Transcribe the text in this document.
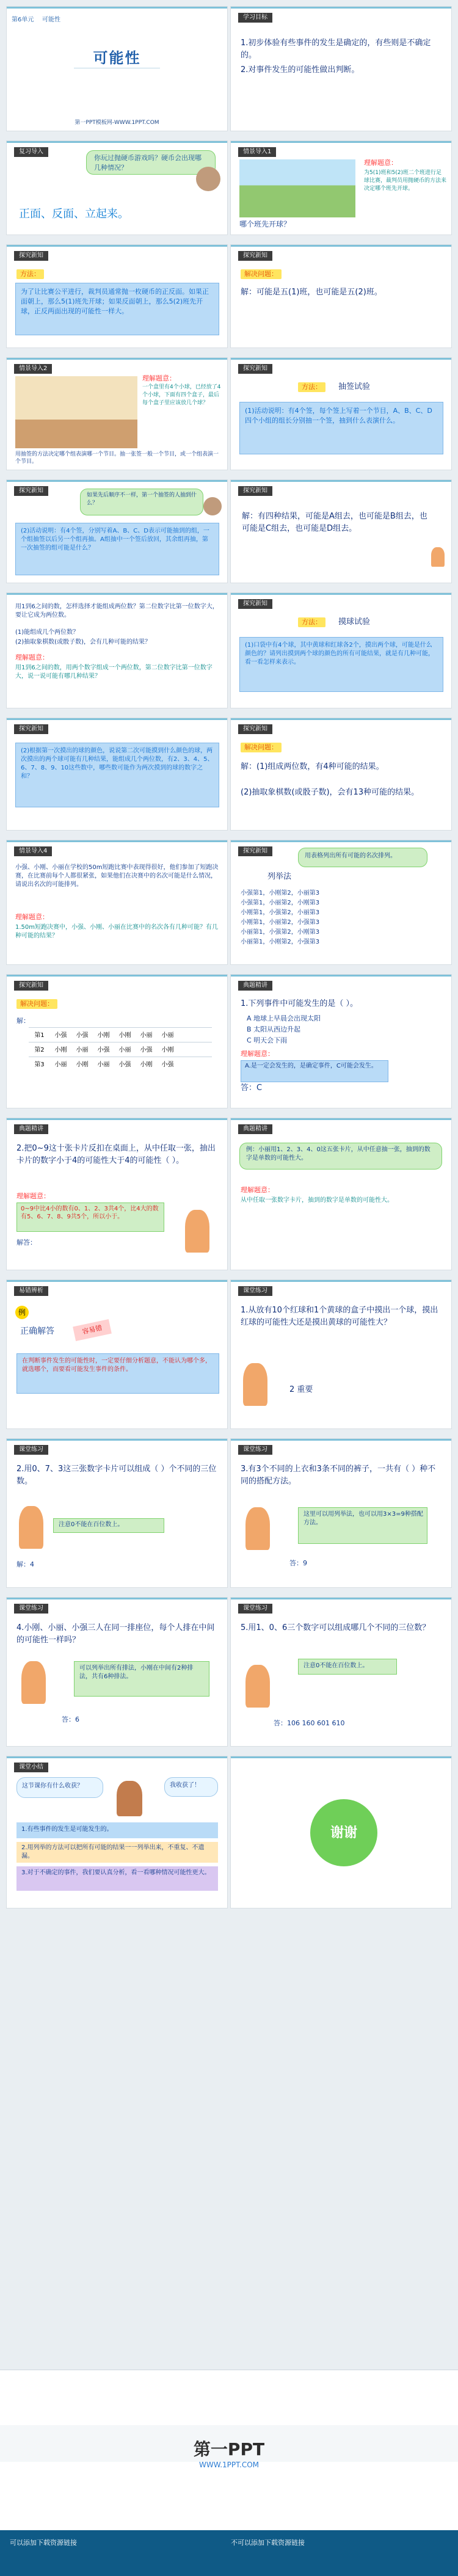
第6单元 可能性
可能性
第一PPT模板网-WWW.1PPT.COM
学习目标
1.初步体验有些事件的发生是确定的，有些则是不确定的。
2.对事件发生的可能性做出判断。
复习导入
你玩过抛硬币游戏吗？硬币会出现哪几种情况？
正面、反面、立起来。
情景导入1
理解题意：
为5(1)班和5(2)班二个班进行足球比赛，裁判员用抛硬币的方法来决定哪个班先开球。
哪个班先开球？
探究新知
方法：
为了让比赛公平进行，裁判员通常抛一枚硬币的正反面。如果正面朝上，那么5(1)班先开球；如果反面朝上，那么5(2)班先开球，正反两面出现的可能性一样大。
探究新知
解决问题：
解：可能是五(1)班，也可能是五(2)班。
情景导入2
理解题意：
一个盒里有4个小球，已经放了4个小球，下面有四个盒子，最后每个盒子里应该放几个球？
用抽签的方法决定哪个组表演哪一个节目。抽一张签一般一个节目，或一个组表演一个节目。
探究新知
方法：	抽签试验
(1)活动说明：有4个签，每个签上写着一个节目，A、B、C、D四个小组的组长分别抽一个签，抽到什么表演什么。
探究新知
如果先后顺序不一样，第一个抽签的人抽到什么？
(2)活动说明：有4个签，分别写着A、B、C、D表示可能抽到的组，一个组抽签以后另一个组再抽。A组抽中一个签后放回，其余组再抽，第一次抽签的组可能是什么？
探究新知
解：有四种结果，可能是A组去，也可能是B组去，也可能是C组去，也可能是D组去。
用1到6之间的数，怎样选择才能组成两位数？第二位数字比第一位数字大，要让它成为两位数。
(1)能组成几个两位数？
(2)抽取象棋数(或骰子数)，会有几种可能的结果？
理解题意：
用1到6之间的数，用两个数字组成一个两位数，第二位数字比第一位数字大，说一说可能有哪几种结果？
探究新知
方法：	摸球试验
(1)口袋中有4个球，其中黄球和红球各2个，摸出两个球，可能是什么颜色的？请列出摸到两个球的颜色的所有可能结果，就是有几种可能，看一看怎样来表示。
探究新知
(2)根据第一次摸出的球的颜色，说说第二次可能摸到什么颜色的球，两次摸出的两个球可能有几种结果，能组成几个两位数，有2、3、4、5、6、7、8、9、10这些数中，哪些数可能作为两次摸到的球的数字之和？
探究新知
解决问题：
解：(1)组成两位数，有4种可能的结果。
(2)抽取象棋数(或骰子数)，会有13种可能的结果。
情景导入4
小强、小刚、小丽在学校的50m短跑比赛中表现得很好，他们参加了短跑决赛，在比赛前每个人都很紧张，如果他们在决赛中的名次可能是什么情况，请说出名次的可能排列。
理解题意：
1.50m短跑决赛中，小强、小刚、小丽在比赛中的名次各有几种可能？有几种可能的结果？
探究新知
用表格列出所有可能的名次排列。
列举法
小强第1，小刚第2，小丽第3
小强第1，小丽第2，小刚第3
小刚第1，小强第2，小丽第3
小刚第1，小丽第2，小强第3
小丽第1，小强第2，小刚第3
小丽第1，小刚第2，小强第3
探究新知
解决问题：
解：
第1 小强 小强 小刚 小刚 小丽 小丽
第2 小刚 小丽 小强 小丽 小强 小刚
第3 小丽 小刚 小丽 小强 小刚 小强
典题精讲
1.下列事件中可能发生的是（ ）。
A 地球上早晨会出现太阳
B 太阳从西边升起
C 明天会下雨
理解题意：
A.是一定会发生的，是确定事件，C可能会发生。
答：C
典题精讲
2.把0~9这十张卡片反扣在桌面上，从中任取一张，抽出卡片的数字小于4的可能性大于4的可能性（ ）。
理解题意：
0~9中比4小的数有0、1、2、3共4个，比4大的数有5、6、7、8、9共5个，所以小于。
解答：
典题精讲
例：小丽用1、2、3、4、0这五张卡片，从中任意抽一张，抽到的数字是单数的可能性大。
理解题意：
从中任取一张数字卡片，抽到的数字是单数的可能性大。
易错辨析
例
正确解答	容易错
在判断事件发生的可能性时，一定要仔细分析题意，不能认为哪个多，就选哪个，而要看可能发生事件的条件。
课堂练习
1.从放有10个红球和1个黄球的盒子中摸出一个球，摸出红球的可能性大还是摸出黄球的可能性大？
2 重要
课堂练习
2.用0、7、3这三张数字卡片可以组成（ ）个不同的三位数。
注意0不能在百位数上。
解：4
课堂练习
3.有3个不同的上衣和3条不同的裤子，一共有（ ）种不同的搭配方法。
这里可以用列举法，也可以用3×3=9种搭配方法。
答：9
课堂练习
4.小刚、小丽、小强三人在同一排座位，每个人排在中间的可能性一样吗？
可以列举出所有排法，小刚在中间有2种排法，共有6种排法。
答：6
课堂练习
5.用1、0、6三个数字可以组成哪几个不同的三位数？
注意0不能在百位数上。
答：106 160 601 610
课堂小结
这节课你有什么收获？	我收获了！
1.有些事件的发生是可能发生的。
2.用列举的方法可以把所有可能的结果一一列举出来，不重复、不遗漏。
3.对于不确定的事件，我们要认真分析，看一看哪种情况可能性更大。
谢谢
第一PPT
WWW.1PPT.COM
可以添加下载资源链接	不可以添加下载资源链接
